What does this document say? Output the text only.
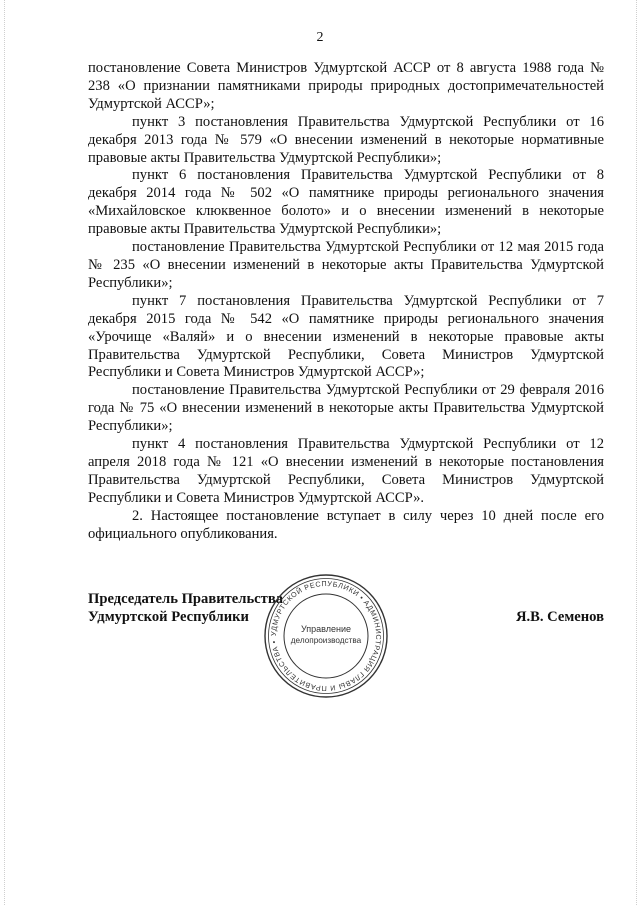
2

постановление Совета Министров Удмуртской АССР от 8 августа 1988 года № 238 «О признании памятниками природы природных достопримечательностей Удмуртской АССР»;

пункт 3 постановления Правительства Удмуртской Республики от 16 декабря 2013 года № 579 «О внесении изменений в некоторые нормативные правовые акты Правительства Удмуртской Республики»;

пункт 6 постановления Правительства Удмуртской Республики от 8 декабря 2014 года № 502 «О памятнике природы регионального значения «Михайловское клюквенное болото» и о внесении изменений в некоторые правовые акты Правительства Удмуртской Республики»;

постановление Правительства Удмуртской Республики от 12 мая 2015 года № 235 «О внесении изменений в некоторые акты Правительства Удмуртской Республики»;

пункт 7 постановления Правительства Удмуртской Республики от 7 декабря 2015 года № 542 «О памятнике природы регионального значения «Урочище «Валяй» и о внесении изменений в некоторые правовые акты Правительства Удмуртской Республики, Совета Министров Удмуртской Республики и Совета Министров Удмуртской АССР»;

постановление Правительства Удмуртской Республики от 29 февраля 2016 года № 75 «О внесении изменений в некоторые акты Правительства Удмуртской Республики»;

пункт 4 постановления Правительства Удмуртской Республики от 12 апреля 2018 года № 121 «О внесении изменений в некоторые постановления Правительства Удмуртской Республики, Совета Министров Удмуртской Республики и Совета Министров Удмуртской АССР».

2. Настоящее постановление вступает в силу через 10 дней после его официального опубликования.

Председатель Правительства
Удмуртской Республики	Я.В. Семенов
УДМУРТСКОЙ РЕСПУБЛИКИ • АДМИНИСТРАЦИЯ ГЛАВЫ И ПРАВИТЕЛЬСТВА •
Управление
делопроизводства
